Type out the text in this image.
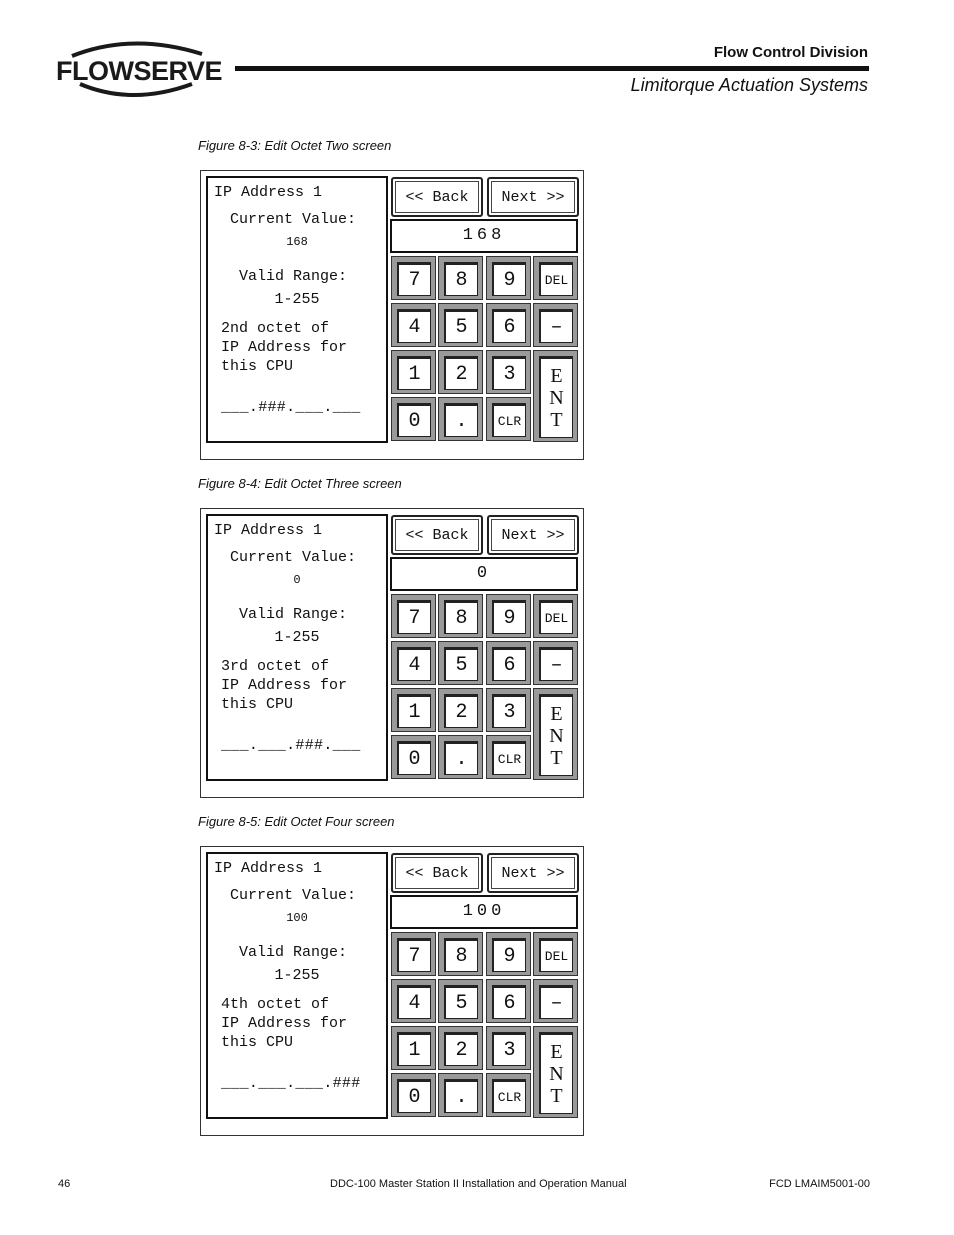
FLOWSERVE
Flow Control Division
Limitorque Actuation Systems
Figure 8-3: Edit Octet Two screen
IP Address 1
Current Value:
168
Valid Range:
1-255
2nd octet of
IP Address for
this CPU
___.###.___.___
<< Back	Next >>
168
7	8	9	DEL
4	5	6	–
1	2	3
0	.	CLR
E
N
T
Figure 8-4: Edit Octet Three screen
IP Address 1
Current Value:
0
Valid Range:
1-255
3rd octet of
IP Address for
this CPU
___.___.###.___
<< Back	Next >>
0
7	8	9	DEL
4	5	6	–
1	2	3
0	.	CLR
E
N
T
Figure 8-5: Edit Octet Four screen
IP Address 1
Current Value:
100
Valid Range:
1-255
4th octet of
IP Address for
this CPU
___.___.___.###
<< Back	Next >>
100
7	8	9	DEL
4	5	6	–
1	2	3
0	.	CLR
E
N
T
46	DDC-100 Master Station II Installation and Operation Manual	FCD LMAIM5001-00
